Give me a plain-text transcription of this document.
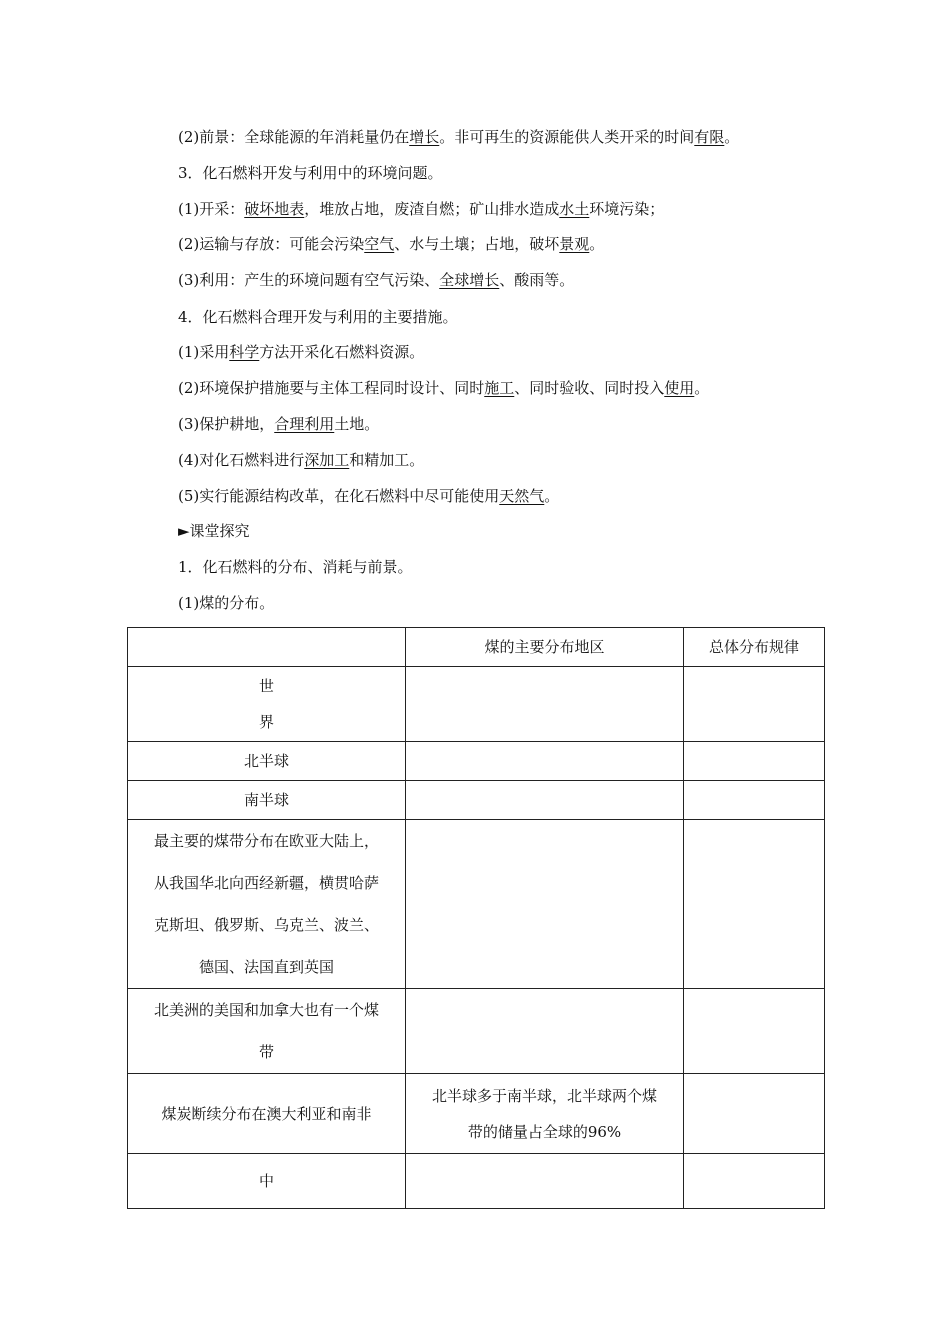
(2)前景：全球能源的年消耗量仍在增长。非可再生的资源能供人类开采的时间有限。
3．化石燃料开发与利用中的环境问题。
(1)开采：破坏地表，堆放占地，废渣自燃；矿山排水造成水土环境污染；
(2)运输与存放：可能会污染空气、水与土壤；占地，破坏景观。
(3)利用：产生的环境问题有空气污染、全球增长、酸雨等。
4．化石燃料合理开发与利用的主要措施。
(1)采用科学方法开采化石燃料资源。
(2)环境保护措施要与主体工程同时设计、同时施工、同时验收、同时投入使用。
(3)保护耕地，合理利用土地。
(4)对化石燃料进行深加工和精加工。
(5)实行能源结构改革，在化石燃料中尽可能使用天然气。
►课堂探究
1．化石燃料的分布、消耗与前景。
(1)煤的分布。
	煤的主要分布地区	总体分布规律

世
界		

北半球		
南半球		

最主要的煤带分布在欧亚大陆上，
从我国华北向西经新疆，横贯哈萨
克斯坦、俄罗斯、乌克兰、波兰、
德国、法国直到英国		

北美洲的美国和加拿大也有一个煤
带		

煤炭断续分布在澳大利亚和南非	北半球多于南半球，北半球两个煤
带的储量占全球的96%	

中		
